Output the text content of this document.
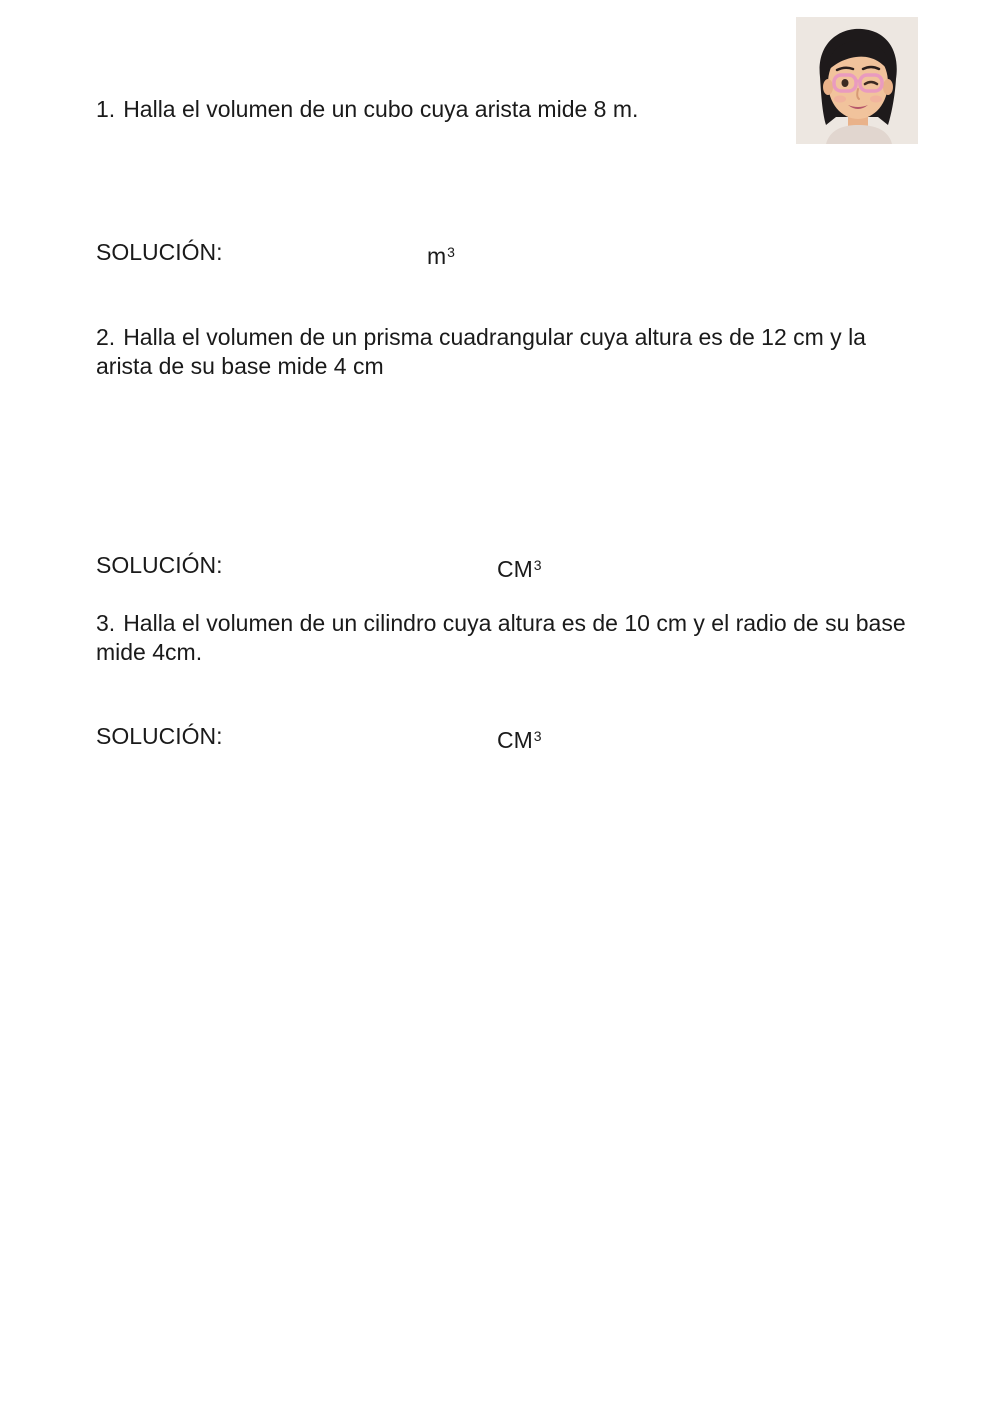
1. Halla el volumen de un cubo cuya arista mide 8 m.
SOLUCIÓN:	$m^3$
2. Halla el volumen de un prisma cuadrangular cuya altura es de 12 cm y la arista de su base mide 4 cm
SOLUCIÓN:	$CM^3$
3. Halla el volumen de un cilindro cuya altura es de 10 cm y el radio de su base mide 4cm.
SOLUCIÓN:	$CM^3$
